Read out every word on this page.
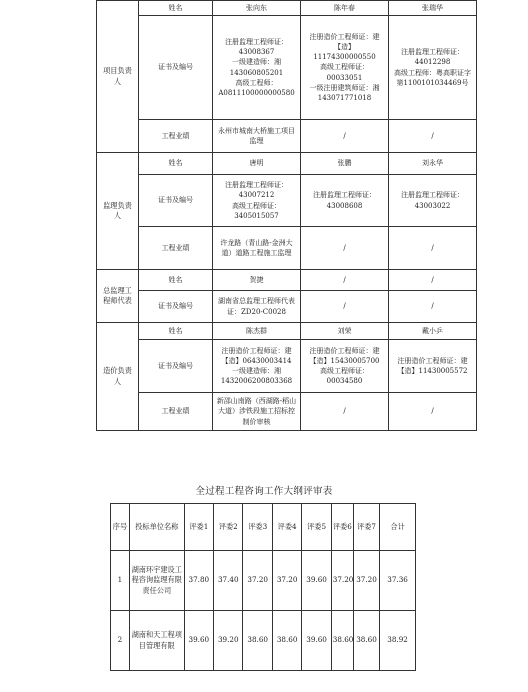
项目负责人	姓名	张向东	陈年春	张瑞华
	证书及编号	注册监理工程师证：43008367
一级建造师：湘143060805201
高级工程师：A0811100000000580	注册造价工程师证：建【造】11174300000550
高级工程师证：00033051
一级注册建筑师证：湘143071771018	注册监理工程师证：44012298
高级工程师：粤高职证字第1100101034469号

	工程业绩	永州市城南大桥施工项目监理	/	/
监理负责人	姓名	唐明	张鹏	刘永华
	证书及编号	注册监理工程师证：43007212
高级工程师证：3405015057	注册监理工程师证：43008608	注册监理工程师证：43003022

	工程业绩	许龙路（青山路-金洲大道）道路工程施工监理	/	/
总监理工程师代表	姓名	贺捷	/	/
	证书及编号	湖南省总监理工程师代表证：ZD20-C0028	/	/
造价负责人	姓名	陈杰群	刘荣	戴小乒
	证书及编号	注册造价工程师证：建【造】06430003414
一级建造师：湘1432006200803368	注册造价工程师证：建【造】15430005700
高级工程师证：00034580	注册造价工程师证：建【造】11430005572

	工程业绩	新邵山南路（西湖路-稻山大道）涉铁段施工招标控制价审核	/	/
全过程工程咨询工作大纲评审表
序号	投标单位名称	评委1	评委2	评委3	评委4	评委5	评委6	评委7	合计
1	湖南环宇建设工程咨询监理有限责任公司	37.80	37.40	37.20	37.20	39.60	37.20	37.20	37.36
2	湖南和天工程项目管理有限	39.60	39.20	38.60	38.60	39.60	38.60	38.60	38.92
